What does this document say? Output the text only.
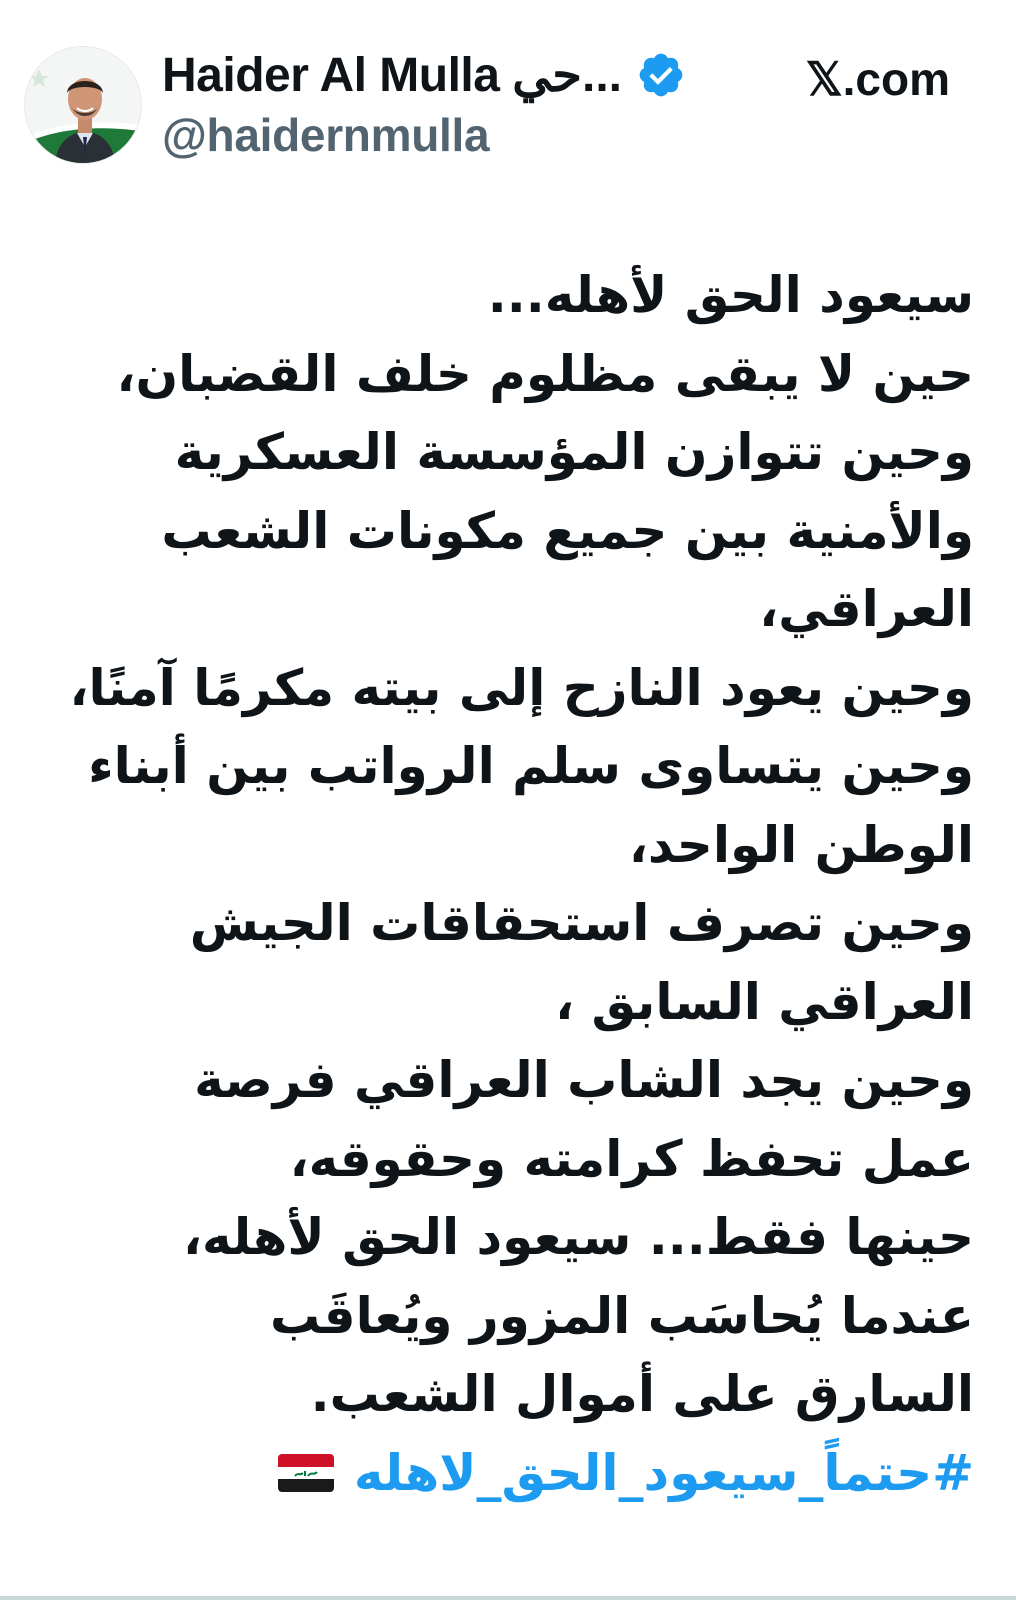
Haider Al Mulla حي...
@haidernmulla
𝕏.com
سيعود الحق لأهله...
حين لا يبقى مظلوم خلف القضبان،
وحين تتوازن المؤسسة العسكرية
والأمنية بين جميع مكونات الشعب
العراقي،
وحين يعود النازح إلى بيته مكرمًا آمنًا،
وحين يتساوى سلم الرواتب بين أبناء
الوطن الواحد،
وحين تصرف استحقاقات الجيش
العراقي السابق ،
وحين يجد الشاب العراقي فرصة
عمل تحفظ كرامته وحقوقه،
حينها فقط... سيعود الحق لأهله،
عندما يُحاسَب المزور ويُعاقَب
السارق على أموال الشعب.
#حتماً_سيعود_الحق_لاهله
